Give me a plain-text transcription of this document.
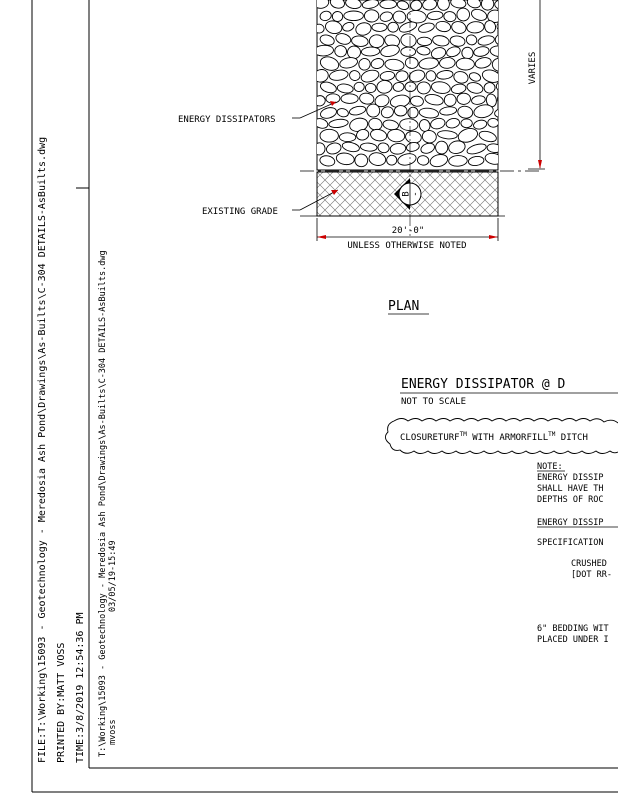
B -
VARIES
20'-0"
UNLESS OTHERWISE NOTED
ENERGY DISSIPATORS
EXISTING GRADE
PLAN
ENERGY DISSIPATOR @ D
NOT TO SCALE
CLOSURETURF™ WITH ARMORFILL™ DITCH
NOTE:
ENERGY DISSIP
SHALL HAVE TH
DEPTHS OF ROC
ENERGY DISSIP
SPECIFICATION
CRUSHED
[DOT RR-
6" BEDDING WIT
PLACED UNDER I
FILE:T:\Working\15093 - Geotechnology - Meredosia Ash Pond\Drawings\As-Builts\C-304 DETAILS-AsBuilts.dwg PRINTED BY:MATT VOSS TIME:3/8/2019 12:54:36 PM T:\Working\15093 - Geotechnology - Meredosia Ash Pond\Drawings\As-Builts\C-304 DETAILS-AsBuilts.dwg mvoss
03/05/19-15:49
